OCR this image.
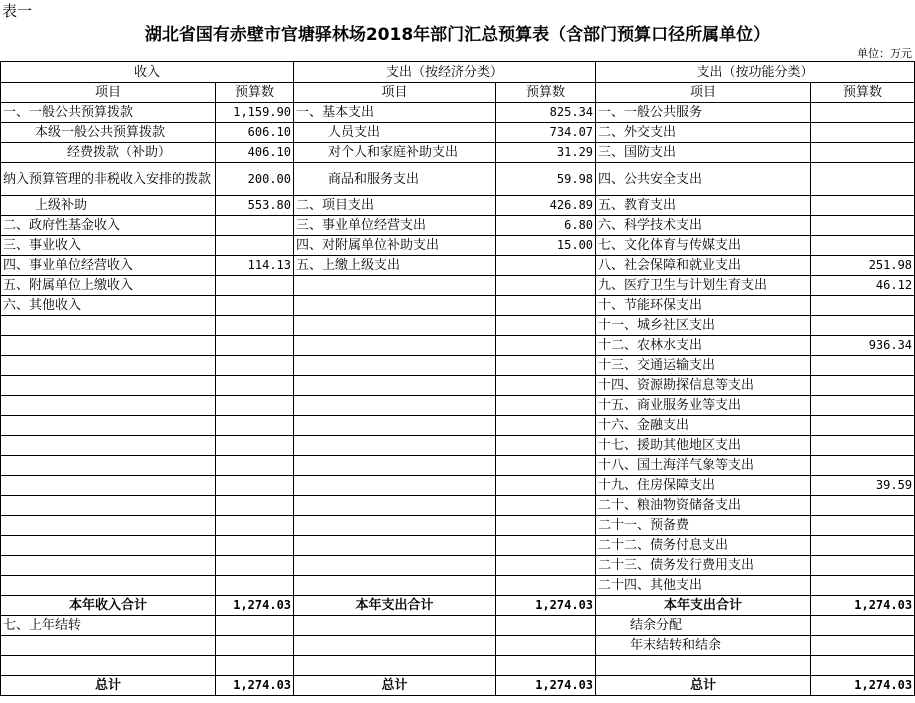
表一
湖北省国有赤壁市官塘驿林场2018年部门汇总预算表（含部门预算口径所属单位）
单位：万元
收入		支出（按经济分类）		支出（按功能分类）	
项目	预算数	项目	预算数	项目	预算数
一、一般公共预算拨款	1,159.90	一、基本支出	825.34	一、一般公共服务	
本级一般公共预算拨款	606.10	人员支出	734.07	二、外交支出	
经费拨款（补助）	406.10	对个人和家庭补助支出	31.29	三、国防支出	
纳入预算管理的非税收入安排的拨款	200.00	商品和服务支出	59.98	四、公共安全支出	
上级补助	553.80	二、项目支出	426.89	五、教育支出	
二、政府性基金收入		三、事业单位经营支出	6.80	六、科学技术支出	
三、事业收入		四、对附属单位补助支出	15.00	七、文化体育与传媒支出	
四、事业单位经营收入	114.13	五、上缴上级支出		八、社会保障和就业支出	251.98
五、附属单位上缴收入				九、医疗卫生与计划生育支出	46.12
六、其他收入				十、节能环保支出	
				十一、城乡社区支出	
				十二、农林水支出	936.34
				十三、交通运输支出	
				十四、资源勘探信息等支出	
				十五、商业服务业等支出	
				十六、金融支出	
				十七、援助其他地区支出	
				十八、国土海洋气象等支出	
				十九、住房保障支出	39.59
				二十、粮油物资储备支出	
				二十一、预备费	
				二十二、债务付息支出	
				二十三、债务发行费用支出	
				二十四、其他支出	
本年收入合计	1,274.03	本年支出合计	1,274.03	本年支出合计	1,274.03
七、上年结转				结余分配	
				年末结转和结余	

总计	1,274.03	总计	1,274.03	总计	1,274.03
